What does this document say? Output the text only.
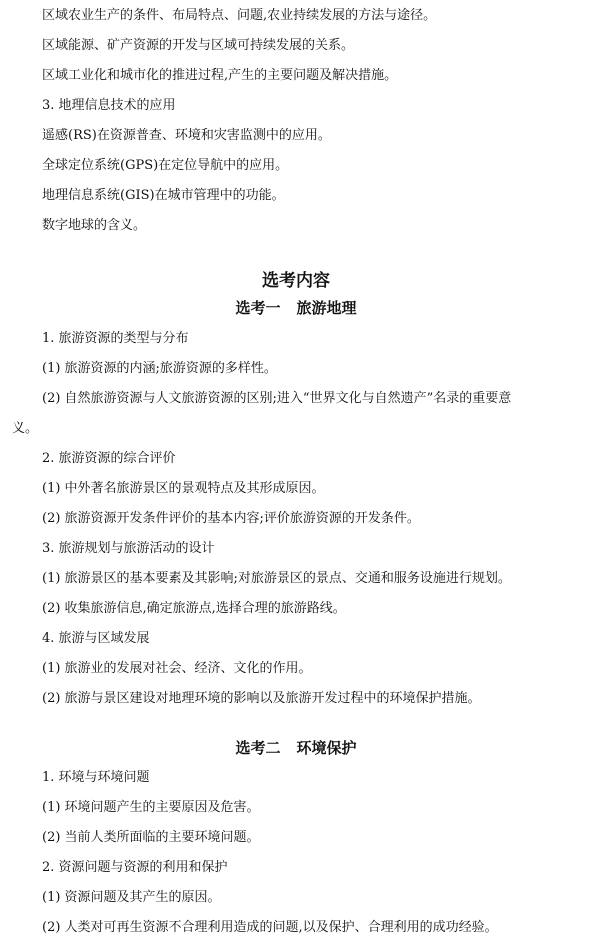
区域农业生产的条件、布局特点、问题,农业持续发展的方法与途径。
区域能源、矿产资源的开发与区域可持续发展的关系。
区域工业化和城市化的推进过程,产生的主要问题及解决措施。
3. 地理信息技术的应用
遥感(RS)在资源普查、环境和灾害监测中的应用。
全球定位系统(GPS)在定位导航中的应用。
地理信息系统(GIS)在城市管理中的功能。
数字地球的含义。
选考内容
选考一 旅游地理
1. 旅游资源的类型与分布
(1) 旅游资源的内涵;旅游资源的多样性。
(2) 自然旅游资源与人文旅游资源的区别;进入“世界文化与自然遗产”名录的重要意
义。
2. 旅游资源的综合评价
(1) 中外著名旅游景区的景观特点及其形成原因。
(2) 旅游资源开发条件评价的基本内容;评价旅游资源的开发条件。
3. 旅游规划与旅游活动的设计
(1) 旅游景区的基本要素及其影响;对旅游景区的景点、交通和服务设施进行规划。
(2) 收集旅游信息,确定旅游点,选择合理的旅游路线。
4. 旅游与区域发展
(1) 旅游业的发展对社会、经济、文化的作用。
(2) 旅游与景区建设对地理环境的影响以及旅游开发过程中的环境保护措施。
选考二 环境保护
1. 环境与环境问题
(1) 环境问题产生的主要原因及危害。
(2) 当前人类所面临的主要环境问题。
2. 资源问题与资源的利用和保护
(1) 资源问题及其产生的原因。
(2) 人类对可再生资源不合理利用造成的问题,以及保护、合理利用的成功经验。
